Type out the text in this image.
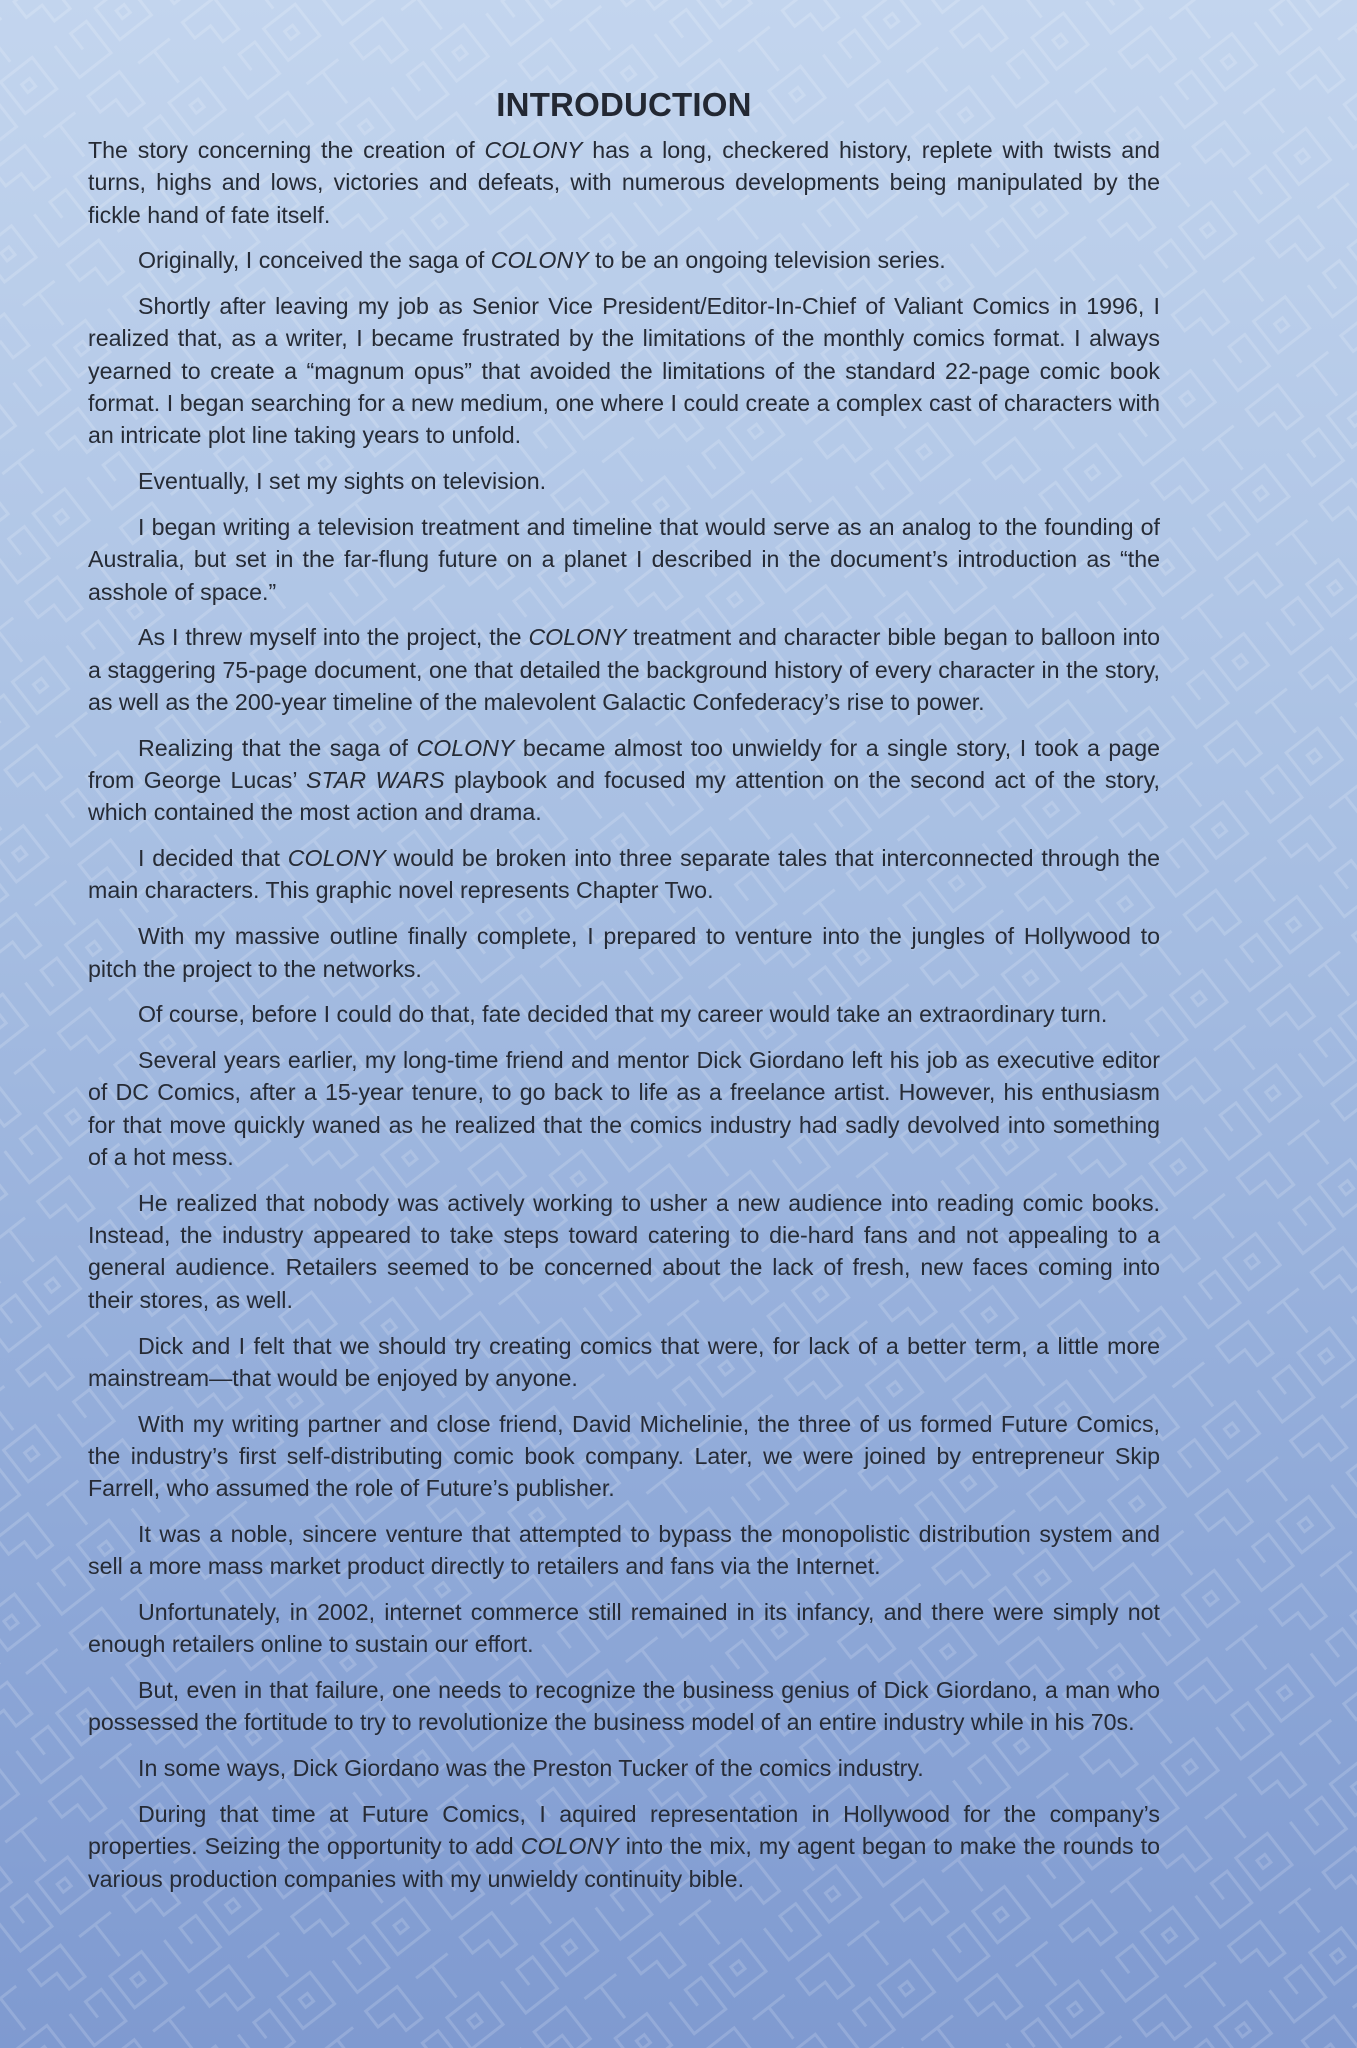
INTRODUCTION

The story concerning the creation of COLONY has a long, checkered history, replete with twists and turns, highs and lows, victories and defeats, with numerous developments being manipulated by the fickle hand of fate itself.

Originally, I conceived the saga of COLONY to be an ongoing television series.

Shortly after leaving my job as Senior Vice President/Editor-In-Chief of Valiant Comics in 1996, I realized that, as a writer, I became frustrated by the limitations of the monthly comics format. I always yearned to create a “magnum opus” that avoided the limitations of the standard 22-page comic book format. I began searching for a new medium, one where I could create a complex cast of characters with an intricate plot line taking years to unfold.

Eventually, I set my sights on television.

I began writing a television treatment and timeline that would serve as an analog to the founding of Australia, but set in the far-flung future on a planet I described in the document’s introduction as “the asshole of space.”

As I threw myself into the project, the COLONY treatment and character bible began to balloon into a staggering 75-page document, one that detailed the background history of every character in the story, as well as the 200-year timeline of the malevolent Galactic Confederacy’s rise to power.

Realizing that the saga of COLONY became almost too unwieldy for a single story, I took a page from George Lucas’ STAR WARS playbook and focused my attention on the second act of the story, which contained the most action and drama.

I decided that COLONY would be broken into three separate tales that interconnected through the main characters. This graphic novel represents Chapter Two.

With my massive outline finally complete, I prepared to venture into the jungles of Hollywood to pitch the project to the networks.

Of course, before I could do that, fate decided that my career would take an extraordinary turn.

Several years earlier, my long-time friend and mentor Dick Giordano left his job as executive editor of DC Comics, after a 15-year tenure, to go back to life as a freelance artist. However, his enthusiasm for that move quickly waned as he realized that the comics industry had sadly devolved into something of a hot mess.

He realized that nobody was actively working to usher a new audience into reading comic books. Instead, the industry appeared to take steps toward catering to die-hard fans and not appealing to a general audience. Retailers seemed to be concerned about the lack of fresh, new faces coming into their stores, as well.

Dick and I felt that we should try creating comics that were, for lack of a better term, a little more mainstream—that would be enjoyed by anyone.

With my writing partner and close friend, David Michelinie, the three of us formed Future Comics, the industry’s first self-distributing comic book company. Later, we were joined by entrepreneur Skip Farrell, who assumed the role of Future’s publisher.

It was a noble, sincere venture that attempted to bypass the monopolistic distribution system and sell a more mass market product directly to retailers and fans via the Internet.

Unfortunately, in 2002, internet commerce still remained in its infancy, and there were simply not enough retailers online to sustain our effort.

But, even in that failure, one needs to recognize the business genius of Dick Giordano, a man who possessed the fortitude to try to revolutionize the business model of an entire industry while in his 70s.

In some ways, Dick Giordano was the Preston Tucker of the comics industry.

During that time at Future Comics, I aquired representation in Hollywood for the company’s properties. Seizing the opportunity to add COLONY into the mix, my agent began to make the rounds to various production companies with my unwieldy continuity bible.
